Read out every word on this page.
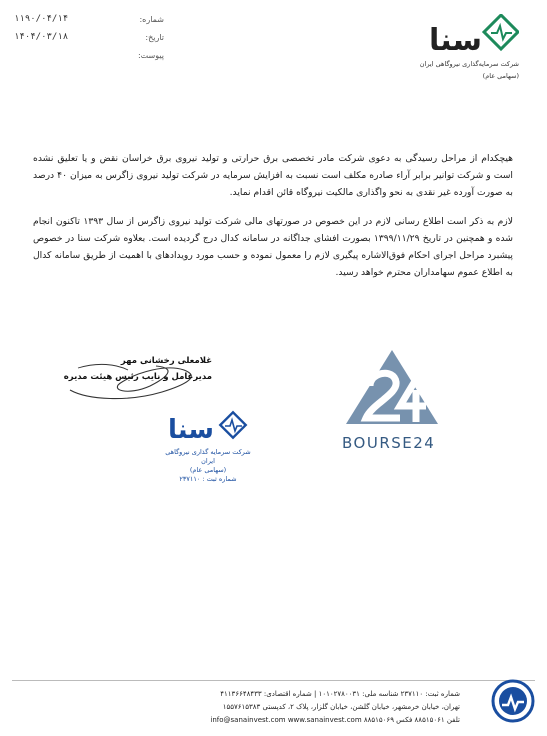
۱۱۹۰/۰۴/۱۴	شماره:
۱۴۰۴/۰۳/۱۸	تاریخ:
پیوست:	سنا
شرکت سرمایه‌گذاری نیروگاهی ایران
(سهامی عام)

هیچکدام از مراحل رسیدگی به دعوی شرکت مادر تخصصی برق حرارتی و تولید نیروی برق خراسان نقض و یا تعلیق نشده است و شرکت توانیر برابر آراء صادره مکلف است نسبت به افزایش سرمایه در شرکت تولید نیروی زاگرس به میزان ۴۰ درصد به صورت آورده غیر نقدی به نحو واگذاری مالکیت نیروگاه قائن اقدام نماید.

لازم به ذکر است اطلاع رسانی لازم در این خصوص در صورتهای مالی شرکت تولید نیروی زاگرس از سال ۱۳۹۳ تاکنون انجام شده و همچنین در تاریخ ۱۳۹۹/۱۱/۲۹ بصورت افشای جداگانه در سامانه کدال درج گردیده است. بعلاوه شرکت سنا در خصوص پیشبرد مراحل اجرای احکام فوق‌الاشاره پیگیری لازم را معمول نموده و حسب مورد رویدادهای با اهمیت از طریق سامانه کدال به اطلاع عموم سهامداران محترم خواهد رسید.

غلامعلی رخشانی مهر
مدیرعامل و نایب رئیس هیئت مدیره
سنا
شرکت سرمایه گذاری نیروگاهی ایران
(سهامی عام)
شماره ثبت : ۲۳۷۱۱۰
BOURSE24
شماره ثبت: ۲۳۷۱۱۰ شناسه ملی: ۱۰۱۰۲۷۸۰۰۳۱ | شماره اقتصادی: ۴۱۱۳۶۶۴۸۴۳۳
تهران، خیابان خرمشهر، خیابان گلشن، خیابان گلزار، پلاک ۲، کدپستی ۱۵۵۷۶۱۵۳۸۳
تلفن ۸۸۵۱۵۰۶۱ فکس ۸۸۵۱۵۰۶۹ info@sanainvest.com www.sanainvest.com
